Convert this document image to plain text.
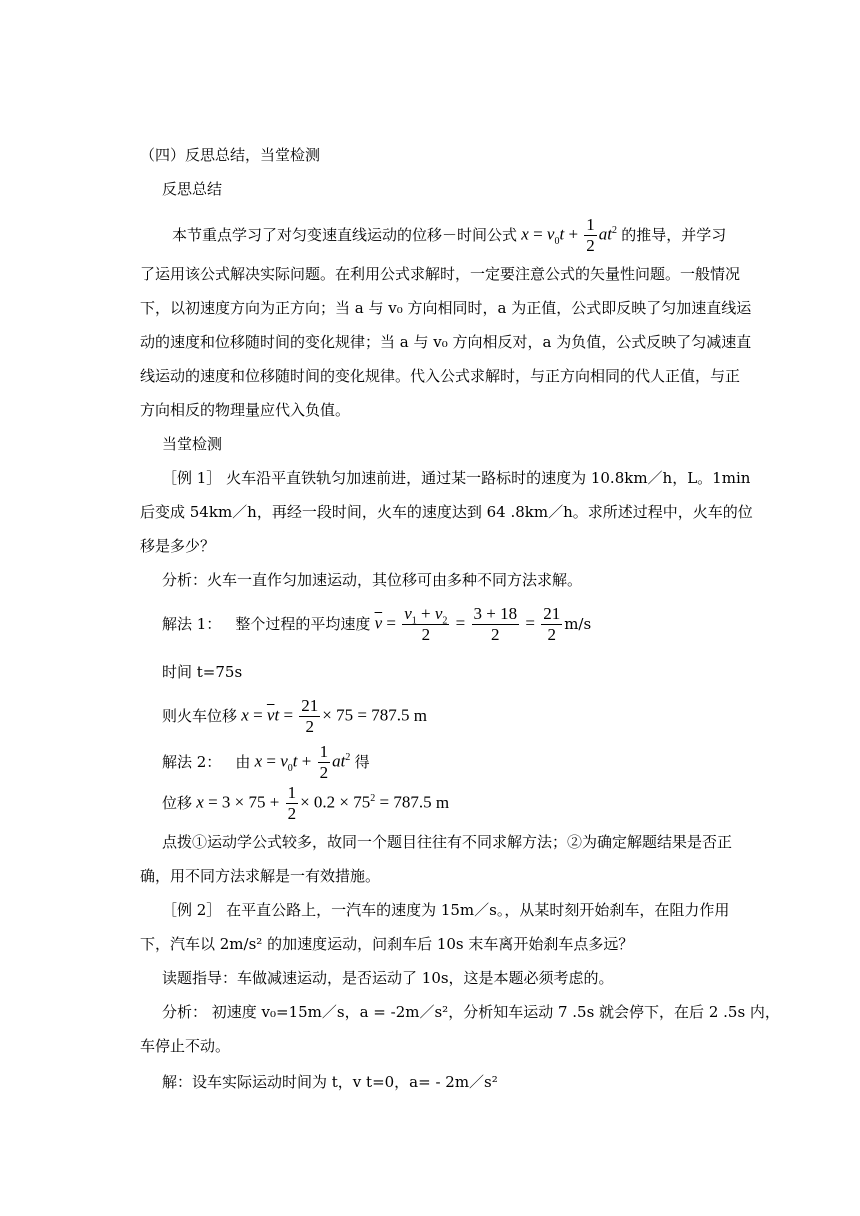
（四）反思总结，当堂检测
反思总结
本节重点学习了对匀变速直线运动的位移－时间公式 $x = v_0t + \frac{1}{2} at^2$ 的推导，并学习
了运用该公式解决实际问题。在利用公式求解时，一定要注意公式的矢量性问题。一般情况
下，以初速度方向为正方向；当 a 与 v₀ 方向相同时，a 为正值，公式即反映了匀加速直线运
动的速度和位移随时间的变化规律；当 a 与 v₀ 方向相反对，a 为负值，公式反映了匀减速直
线运动的速度和位移随时间的变化规律。代入公式求解时，与正方向相同的代人正值，与正
方向相反的物理量应代入负值。
当堂检测
［例 1］ 火车沿平直铁轨匀加速前进，通过某一路标时的速度为 10.8km／h，L。1min
后变成 54km／h，再经一段时间，火车的速度达到 64 .8km／h。求所述过程中，火车的位
移是多少？
分析：火车一直作匀加速运动，其位移可由多种不同方法求解。
解法 1： 整个过程的平均速度 $\overline{v} = \frac{v_1 + v_2}{2} = \frac{3 + 18}{2} = \frac{21}{2} m/s$
时间 t=75s
则火车位移 $x = \overline{v}t = \frac{21}{2} \times 75 = 787.5$ m
解法 2： 由 $x = v_0t + \frac{1}{2} at^2$ 得
位移 $x = 3 \times 75 + \frac{1}{2} \times 0.2 \times 75^2 = 787.5$ m
点拨①运动学公式较多，故同一个题目往往有不同求解方法；②为确定解题结果是否正
确，用不同方法求解是一有效措施。
［例 2］ 在平直公路上，一汽车的速度为 15m／s。，从某时刻开始刹车，在阻力作用
下，汽车以 2m/s² 的加速度运动，问刹车后 10s 末车离开始刹车点多远？
读题指导：车做减速运动，是否运动了 10s，这是本题必须考虑的。
分析： 初速度 v₀=15m／s，a = -2m／s²，分析知车运动 7 .5s 就会停下，在后 2 .5s 内，
车停止不动。
解：设车实际运动时间为 t，v t=0，a= - 2m／s²
